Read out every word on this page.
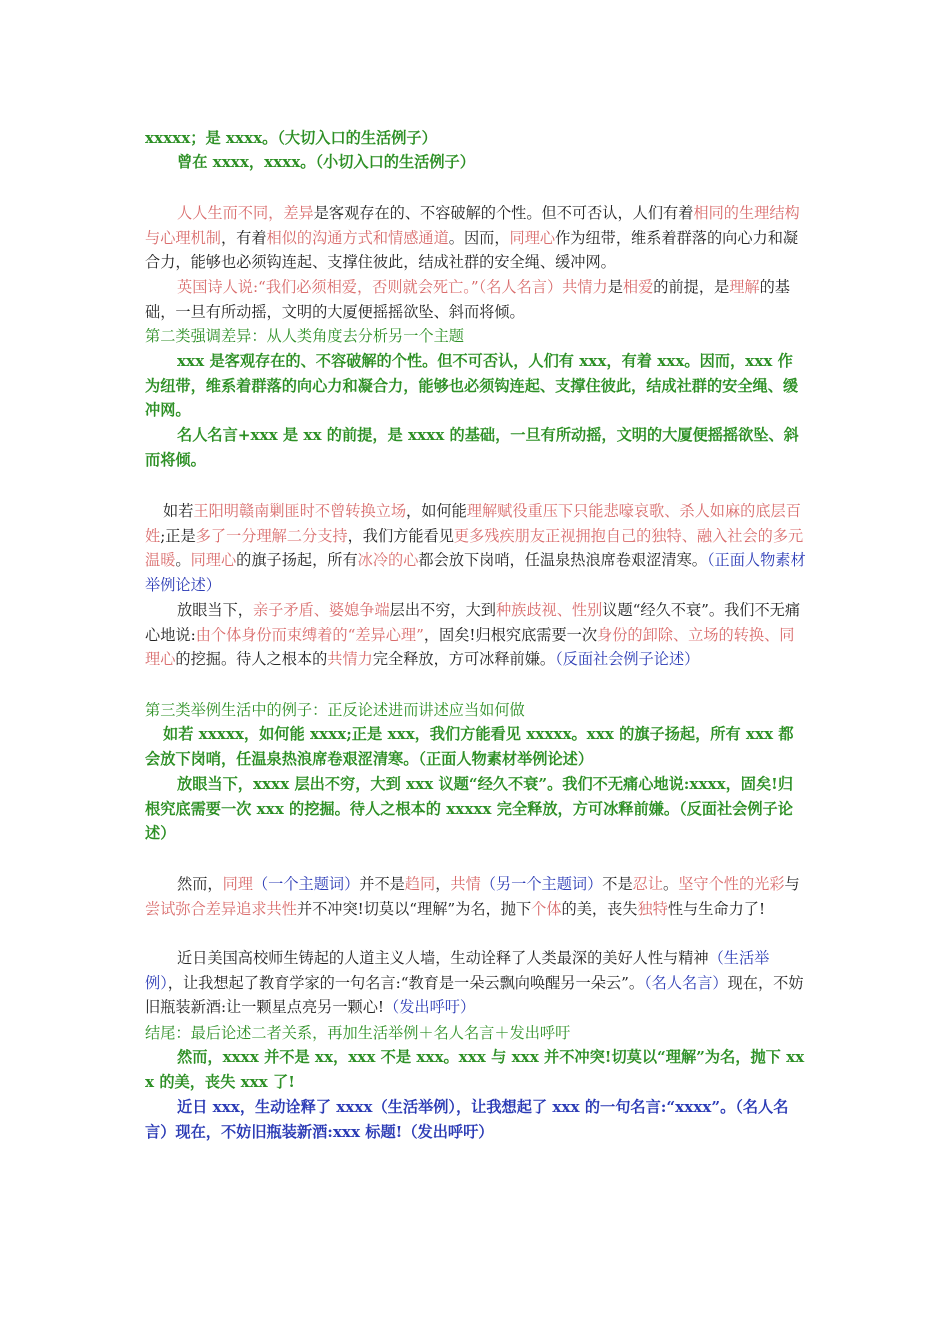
xxxxx；是 xxxx。（大切入口的生活例子）

曾在 xxxx，xxxx。（小切入口的生活例子）

人人生而不同，差异是客观存在的、不容破解的个性。但不可否认，人们有着相同的生理结构与心理机制，有着相似的沟通方式和情感通道。因而，同理心作为纽带，维系着群落的向心力和凝合力，能够也必须钩连起、支撑住彼此，结成社群的安全绳、缓冲网。

英国诗人说:“我们必须相爱，否则就会死亡。”（名人名言）共情力是相爱的前提，是理解的基础，一旦有所动摇，文明的大厦便摇摇欲坠、斜而将倾。

第二类强调差异：从人类角度去分析另一个主题

xxx 是客观存在的、不容破解的个性。但不可否认，人们有 xxx，有着 xxx。因而，xxx 作为纽带，维系着群落的向心力和凝合力，能够也必须钩连起、支撑住彼此，结成社群的安全绳、缓冲网。

名人名言+xxx 是 xx 的前提，是 xxxx 的基础，一旦有所动摇，文明的大厦便摇摇欲坠、斜而将倾。

如若王阳明赣南剿匪时不曾转换立场，如何能理解赋役重压下只能悲嚎哀歌、杀人如麻的底层百姓;正是多了一分理解二分支持，我们方能看见更多残疾朋友正视拥抱自己的独特、融入社会的多元温暖。同理心的旗子扬起，所有冰冷的心都会放下岗哨，任温泉热浪席卷艰涩清寒。（正面人物素材举例论述）

放眼当下，亲子矛盾、婆媳争端层出不穷，大到种族歧视、性别议题“经久不衰”。我们不无痛心地说:由个体身份而束缚着的“差异心理”，固矣!归根究底需要一次身份的卸除、立场的转换、同理心的挖掘。待人之根本的共情力完全释放，方可冰释前嫌。（反面社会例子论述）

第三类举例生活中的例子：正反论述进而讲述应当如何做

如若 xxxxx，如何能 xxxx;正是 xxx，我们方能看见 xxxxx。xxx 的旗子扬起，所有 xxx 都会放下岗哨，任温泉热浪席卷艰涩清寒。（正面人物素材举例论述）

放眼当下，xxxx 层出不穷，大到 xxx 议题“经久不衰”。我们不无痛心地说:xxxx，固矣!归根究底需要一次 xxx 的挖掘。待人之根本的 xxxxx 完全释放，方可冰释前嫌。（反面社会例子论述）

然而，同理（一个主题词）并不是趋同，共情（另一个主题词）不是忍让。坚守个性的光彩与尝试弥合差异追求共性并不冲突!切莫以“理解”为名，抛下个体的美，丧失独特性与生命力了!

近日美国高校师生铸起的人道主义人墙，生动诠释了人类最深的美好人性与精神（生活举例），让我想起了教育学家的一句名言:“教育是一朵云飘向唤醒另一朵云”。（名人名言）现在，不妨旧瓶装新酒:让一颗星点亮另一颗心!（发出呼吁）

结尾：最后论述二者关系，再加生活举例＋名人名言＋发出呼吁

然而，xxxx 并不是 xx，xxx 不是 xxx。xxx 与 xxx 并不冲突!切莫以“理解”为名，抛下 xxx 的美，丧失 xxx 了!

近日 xxx，生动诠释了 xxxx（生活举例），让我想起了 xxx 的一句名言:“xxxx”。（名人名言）现在，不妨旧瓶装新酒:xxx 标题!（发出呼吁）
